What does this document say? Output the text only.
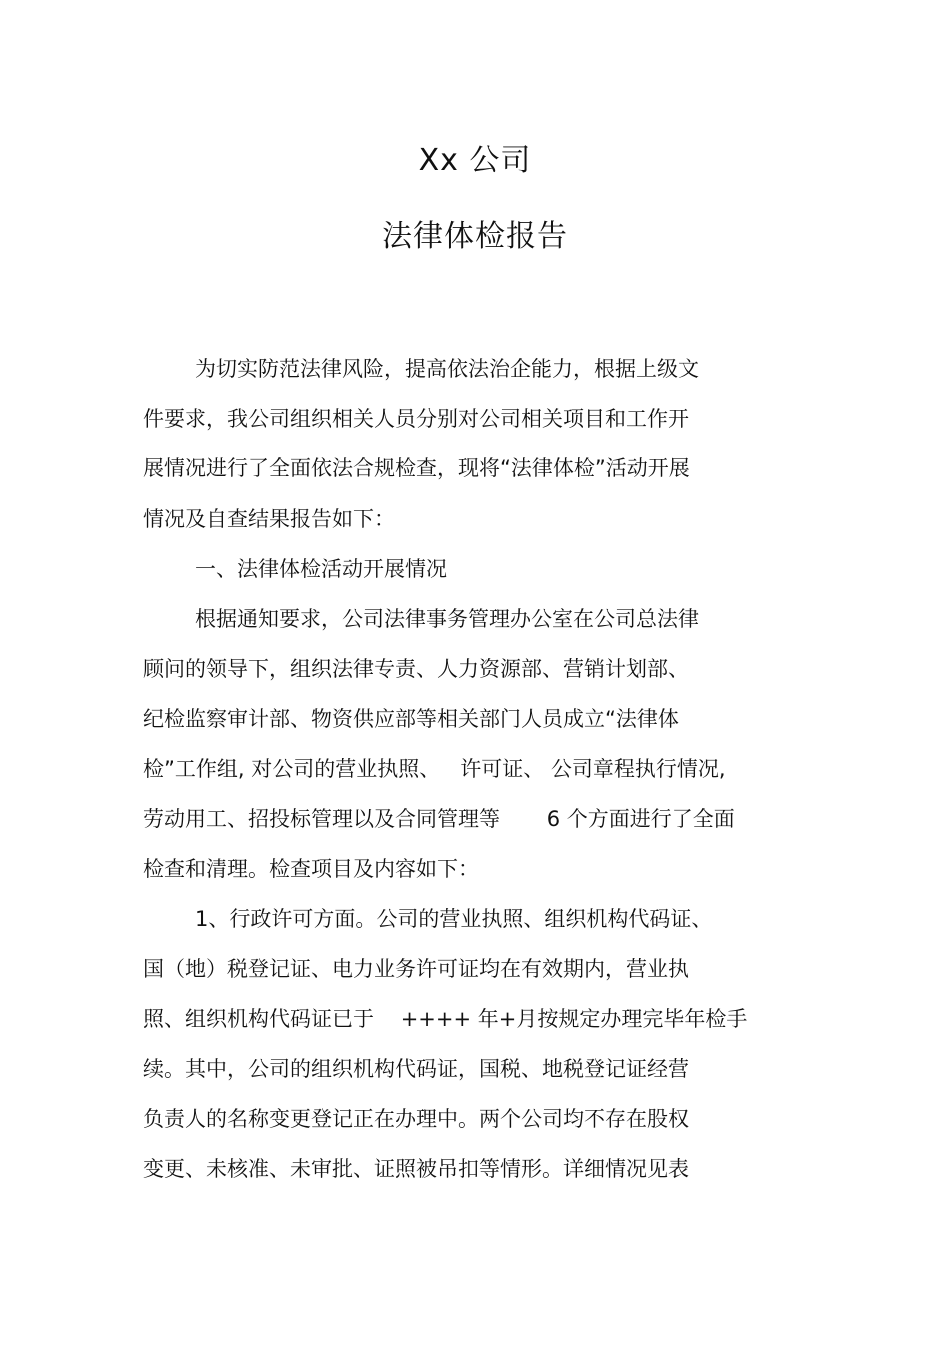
Xx 公司
法律体检报告
为切实防范法律风险，提高依法治企能力，根据上级文
件要求，我公司组织相关人员分别对公司相关项目和工作开
展情况进行了全面依法合规检查，现将“法律体检”活动开展
情况及自查结果报告如下：
一、法律体检活动开展情况
根据通知要求，公司法律事务管理办公室在公司总法律
顾问的领导下，组织法律专责、人力资源部、营销计划部、
纪检监察审计部、物资供应部等相关部门人员成立“法律体
检”工作组, 对公司的营业执照、   许可证、 公司章程执行情况,
劳动用工、招投标管理以及合同管理等       6 个方面进行了全面
检查和清理。检查项目及内容如下：
1、行政许可方面。公司的营业执照、组织机构代码证、
国（地）税登记证、电力业务许可证均在有效期内，营业执
照、组织机构代码证已于    ++++ 年+月按规定办理完毕年检手
续。其中，公司的组织机构代码证，国税、地税登记证经营
负责人的名称变更登记正在办理中。两个公司均不存在股权
变更、未核准、未审批、证照被吊扣等情形。详细情况见表
